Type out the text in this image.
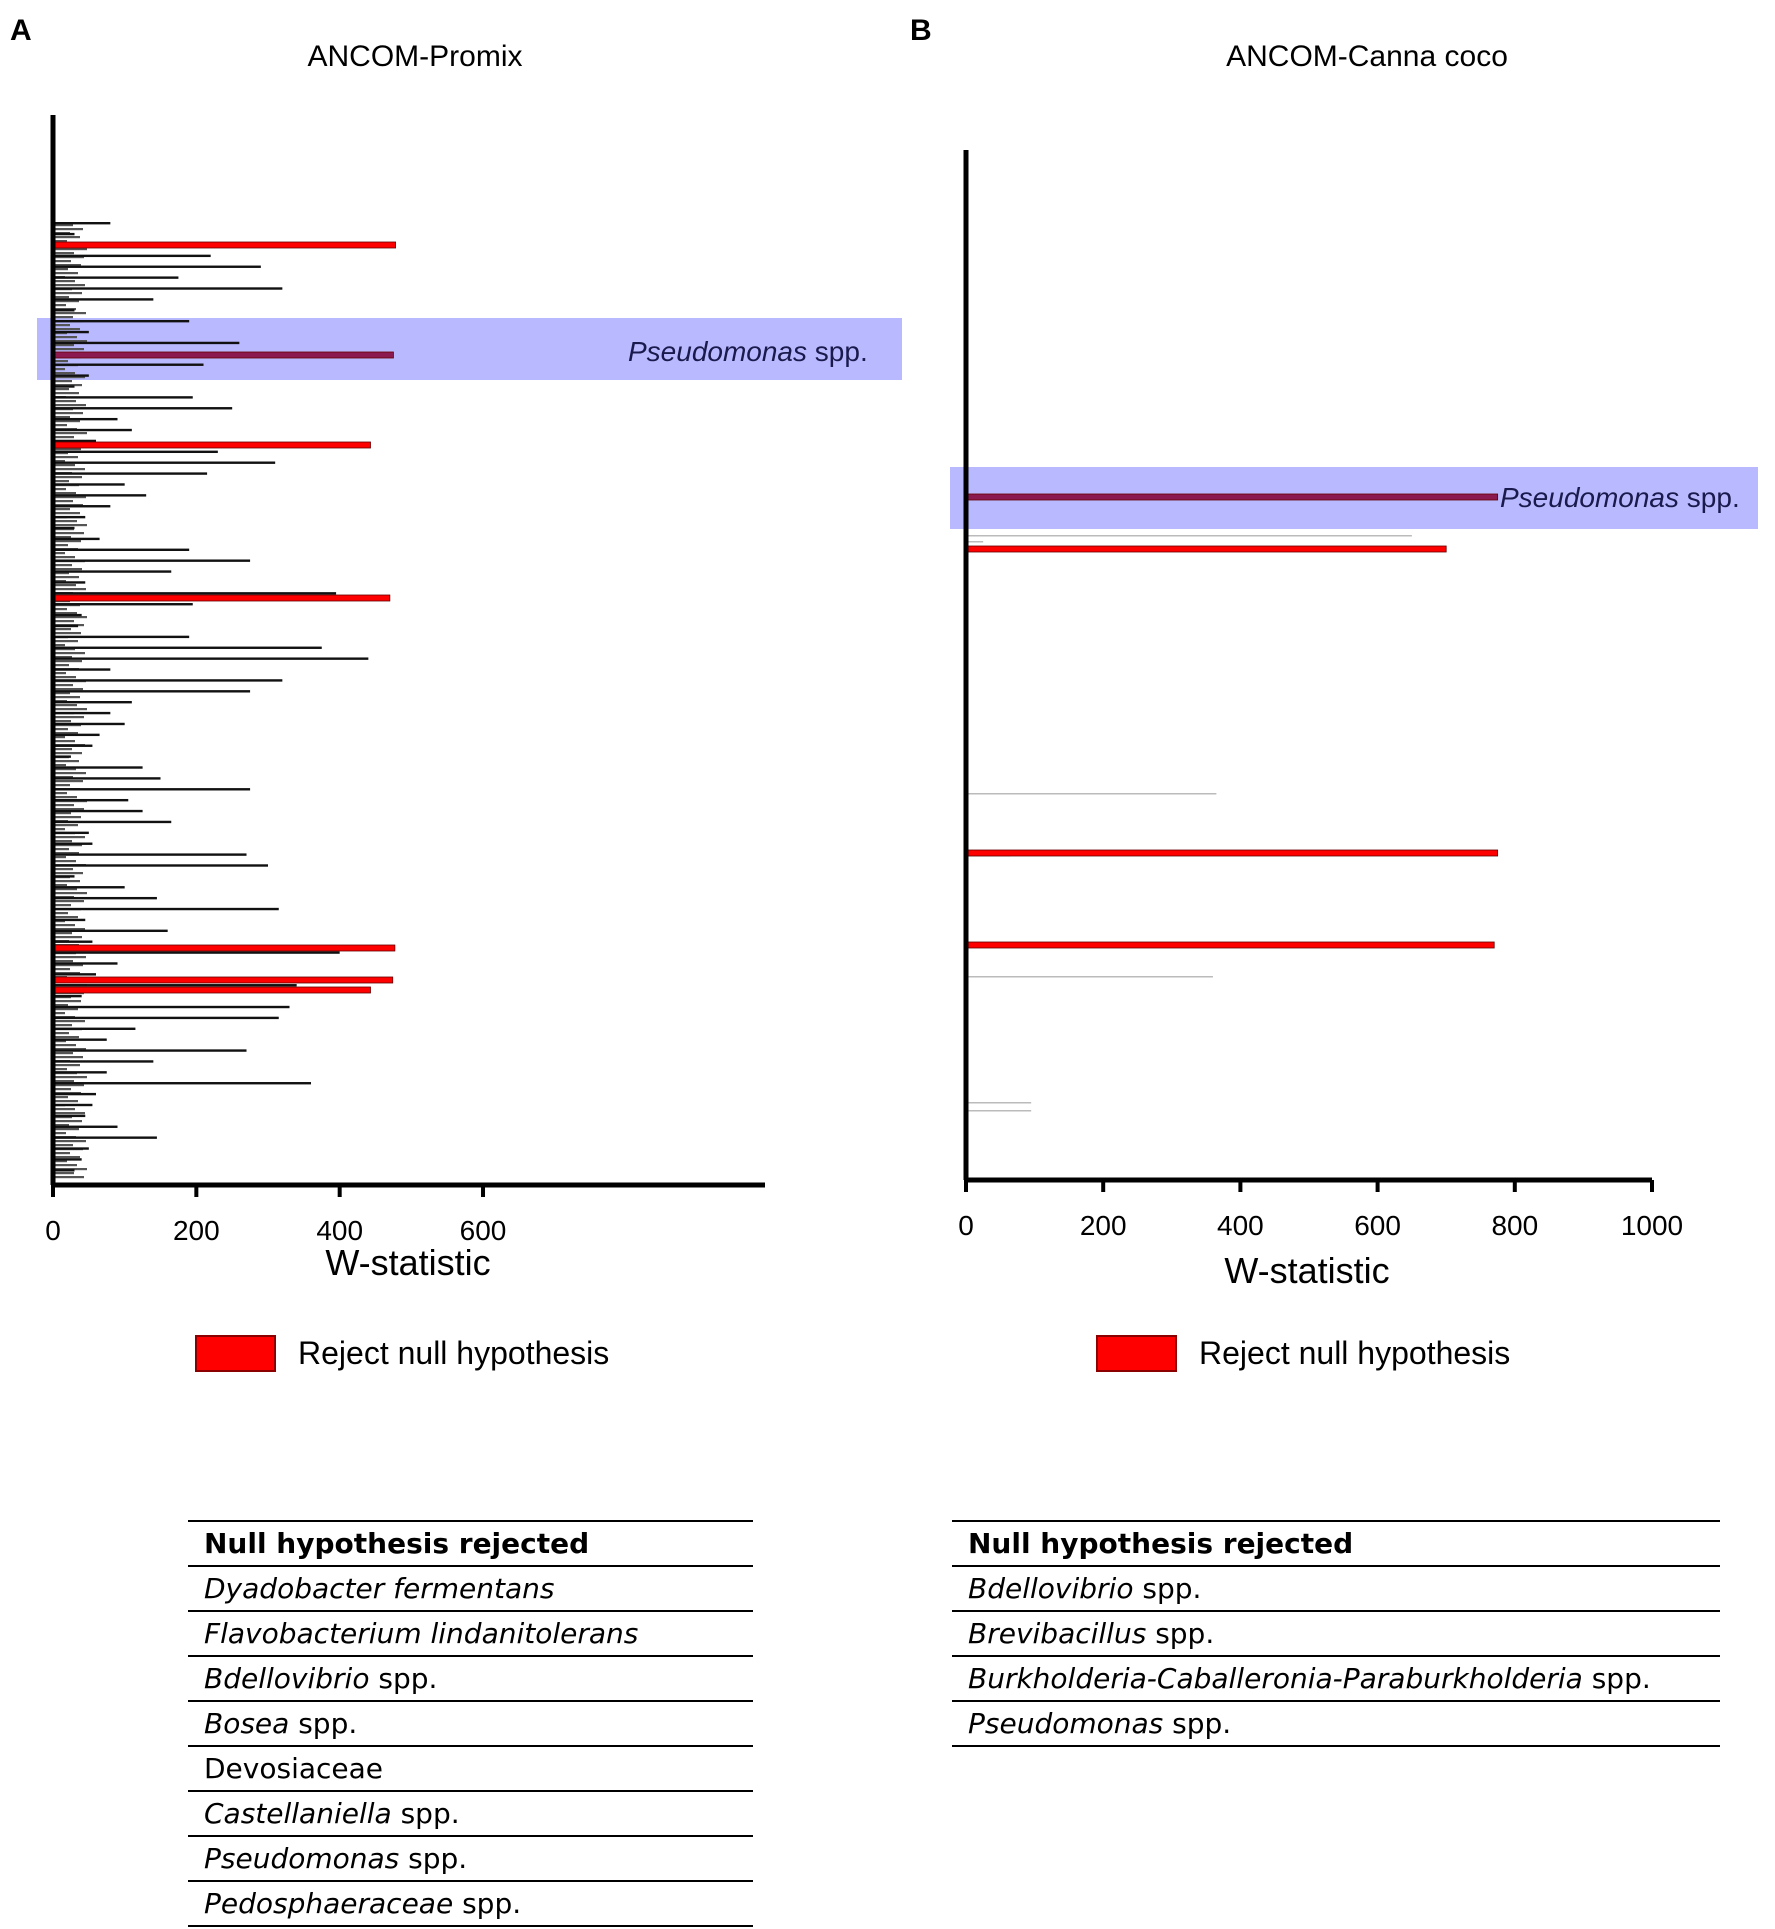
A
ANCOM-Promix
0	200	400	600
Pseudomonas spp.
W-statistic
Reject null hypothesis
B
ANCOM-Canna coco
0	200	400	600	800	1000
Pseudomonas spp.
W-statistic
Reject null hypothesis
Null hypothesis rejected
Dyadobacter fermentans
Flavobacterium lindanitolerans
Bdellovibrio spp.
Bosea spp.
Devosiaceae
Castellaniella spp.
Pseudomonas spp.
Pedosphaeraceae spp.
Null hypothesis rejected
Bdellovibrio spp.
Brevibacillus spp.
Burkholderia-Caballeronia-Paraburkholderia spp.
Pseudomonas spp.
